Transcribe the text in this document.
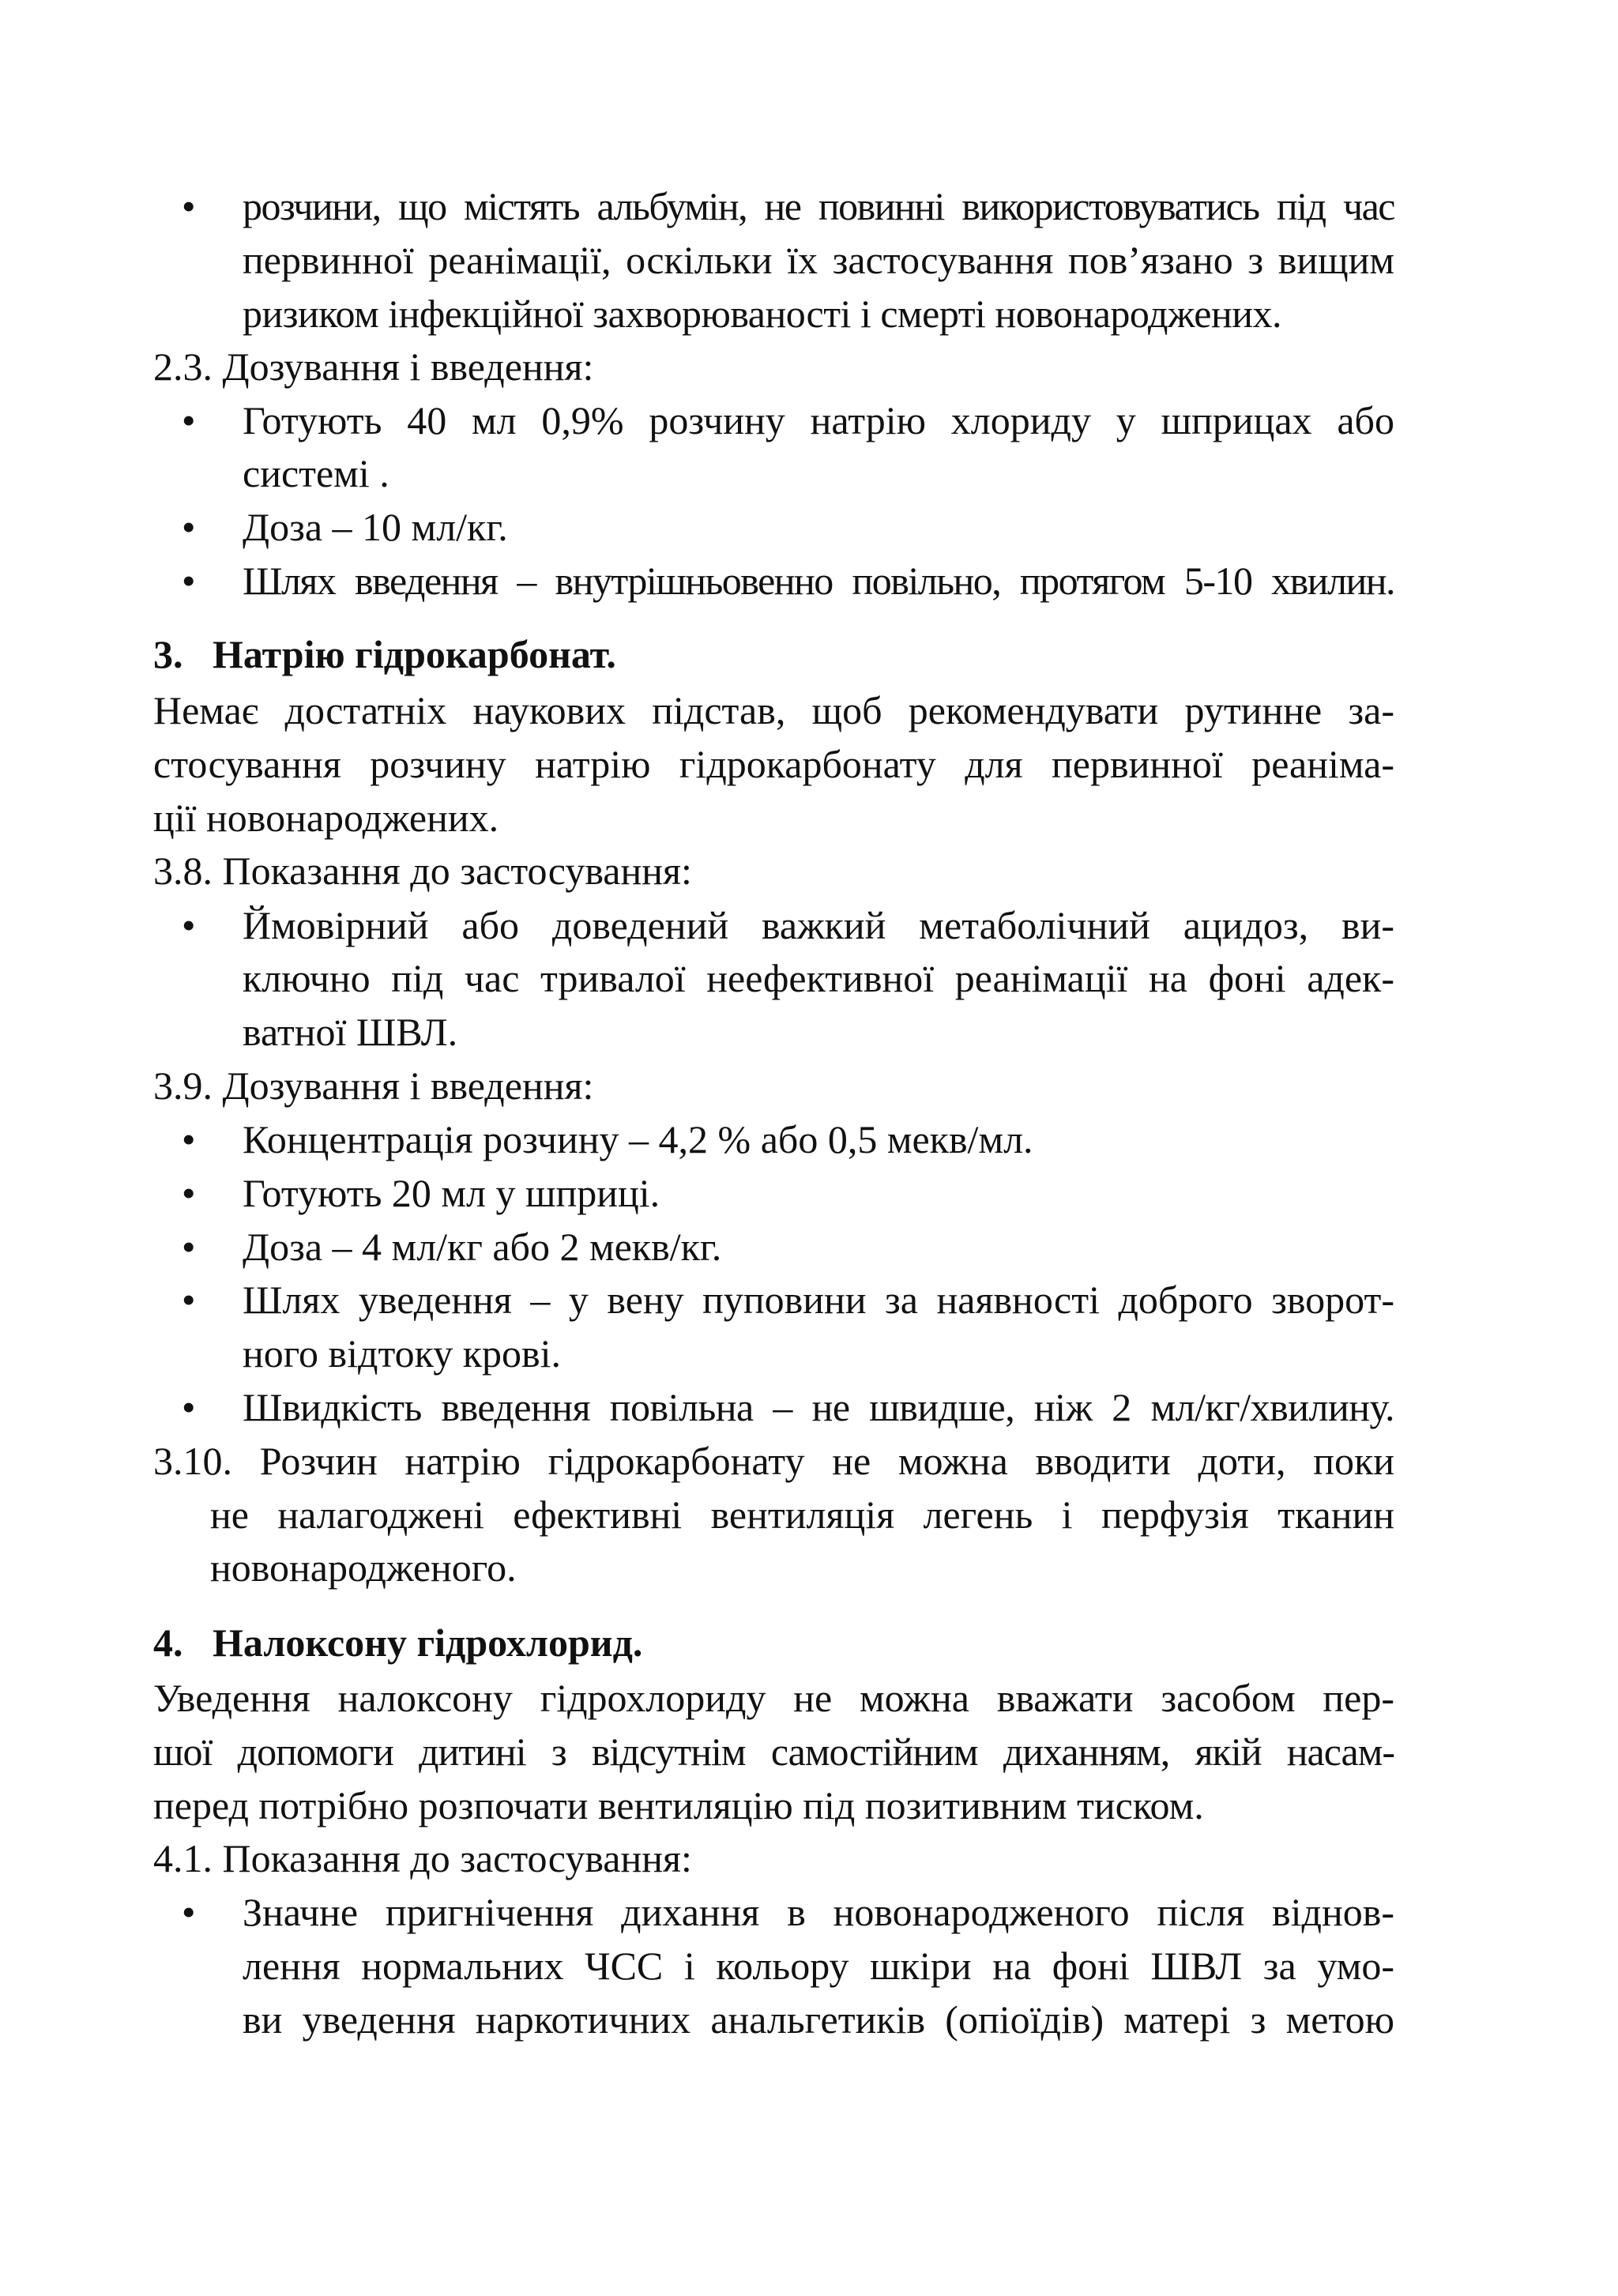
• розчини, що містять альбумін, не повинні використовуватись під час

первинної реанімації, оскільки їх застосування пов’язано з вищим

ризиком інфекційної захворюваності і смерті новонароджених.

2.3. Дозування і введення:

• Готують 40 мл 0,9% розчину натрію хлориду у шприцах або

системі .

• Доза – 10 мл/кг.

• Шлях введення – внутрішньовенно повільно, протягом 5-10 хвилин.

3.   Натрію гідрокарбонат.

Немає достатніх наукових підстав, щоб рекомендувати рутинне за-

стосування розчину натрію гідрокарбонату для первинної реаніма-

ції новонароджених.

3.8. Показання до застосування:

• Ймовірний або доведений важкий метаболічний ацидоз, ви-

ключно під час тривалої неефективної реанімації на фоні адек-

ватної ШВЛ.

3.9. Дозування і введення:

• Концентрація розчину – 4,2 % або 0,5 мекв/мл.

• Готують 20 мл у шприці.

• Доза – 4 мл/кг або 2 мекв/кг.

• Шлях уведення – у вену пуповини за наявності доброго зворот-

ного відтоку крові.

• Швидкість введення повільна – не швидше, ніж 2 мл/кг/хвилину.

3.10. Розчин натрію гідрокарбонату не можна вводити доти, поки

не налагоджені ефективні вентиляція легень і перфузія тканин

новонародженого.

4.   Налоксону гідрохлорид.

Уведення налоксону гідрохлориду не можна вважати засобом пер-

шої допомоги дитині з відсутнім самостійним диханням, якій насам-

перед потрібно розпочати вентиляцію під позитивним тиском.

4.1. Показання до застосування:

• Значне пригнічення дихання в новонародженого після віднов-

лення нормальних ЧСС і кольору шкіри на фоні ШВЛ за умо-

ви уведення наркотичних анальгетиків (опіоїдів) матері з метою
